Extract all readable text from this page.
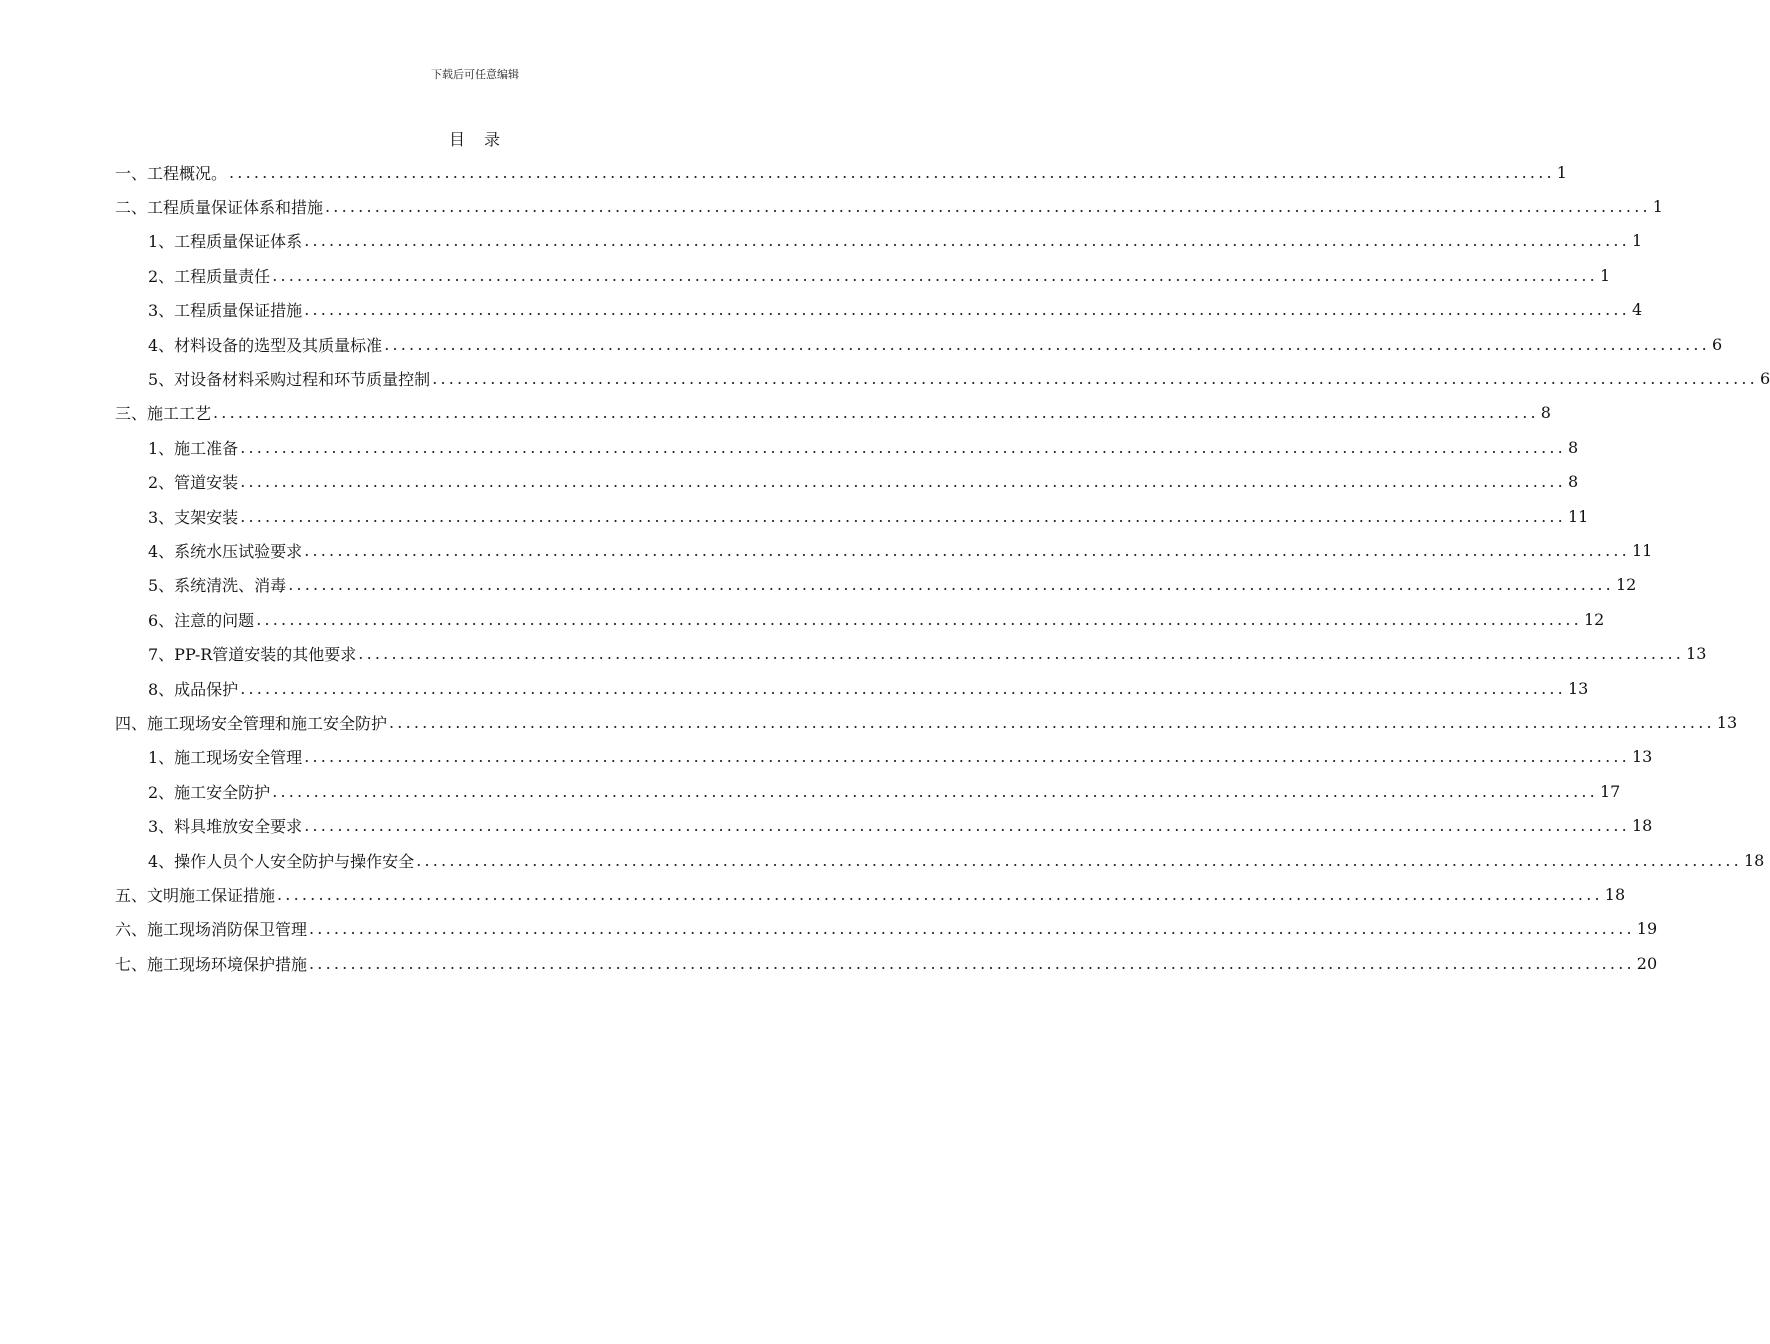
下载后可任意编辑
目 录
一、工程概况。 ................................................................................................................................................................ 1
二、工程质量保证体系和措施 ................................................................................................................................................................ 1
1、工程质量保证体系 ................................................................................................................................................................ 1
2、工程质量责任 ................................................................................................................................................................ 1
3、工程质量保证措施 ................................................................................................................................................................ 4
4、材料设备的选型及其质量标准 ................................................................................................................................................................ 6
5、对设备材料采购过程和环节质量控制 ................................................................................................................................................................ 6
三、施工工艺 ................................................................................................................................................................ 8
1、施工准备 ................................................................................................................................................................ 8
2、管道安装 ................................................................................................................................................................ 8
3、支架安装 ................................................................................................................................................................ 11
4、系统水压试验要求 ................................................................................................................................................................ 11
5、系统清洗、消毒 ................................................................................................................................................................ 12
6、注意的问题 ................................................................................................................................................................ 12
7、PP-R管道安装的其他要求 ................................................................................................................................................................ 13
8、成品保护 ................................................................................................................................................................ 13
四、施工现场安全管理和施工安全防护 ................................................................................................................................................................ 13
1、施工现场安全管理 ................................................................................................................................................................ 13
2、施工安全防护 ................................................................................................................................................................ 17
3、料具堆放安全要求 ................................................................................................................................................................ 18
4、操作人员个人安全防护与操作安全 ................................................................................................................................................................ 18
五、文明施工保证措施 ................................................................................................................................................................ 18
六、施工现场消防保卫管理 ................................................................................................................................................................ 19
七、施工现场环境保护措施 ................................................................................................................................................................ 20
